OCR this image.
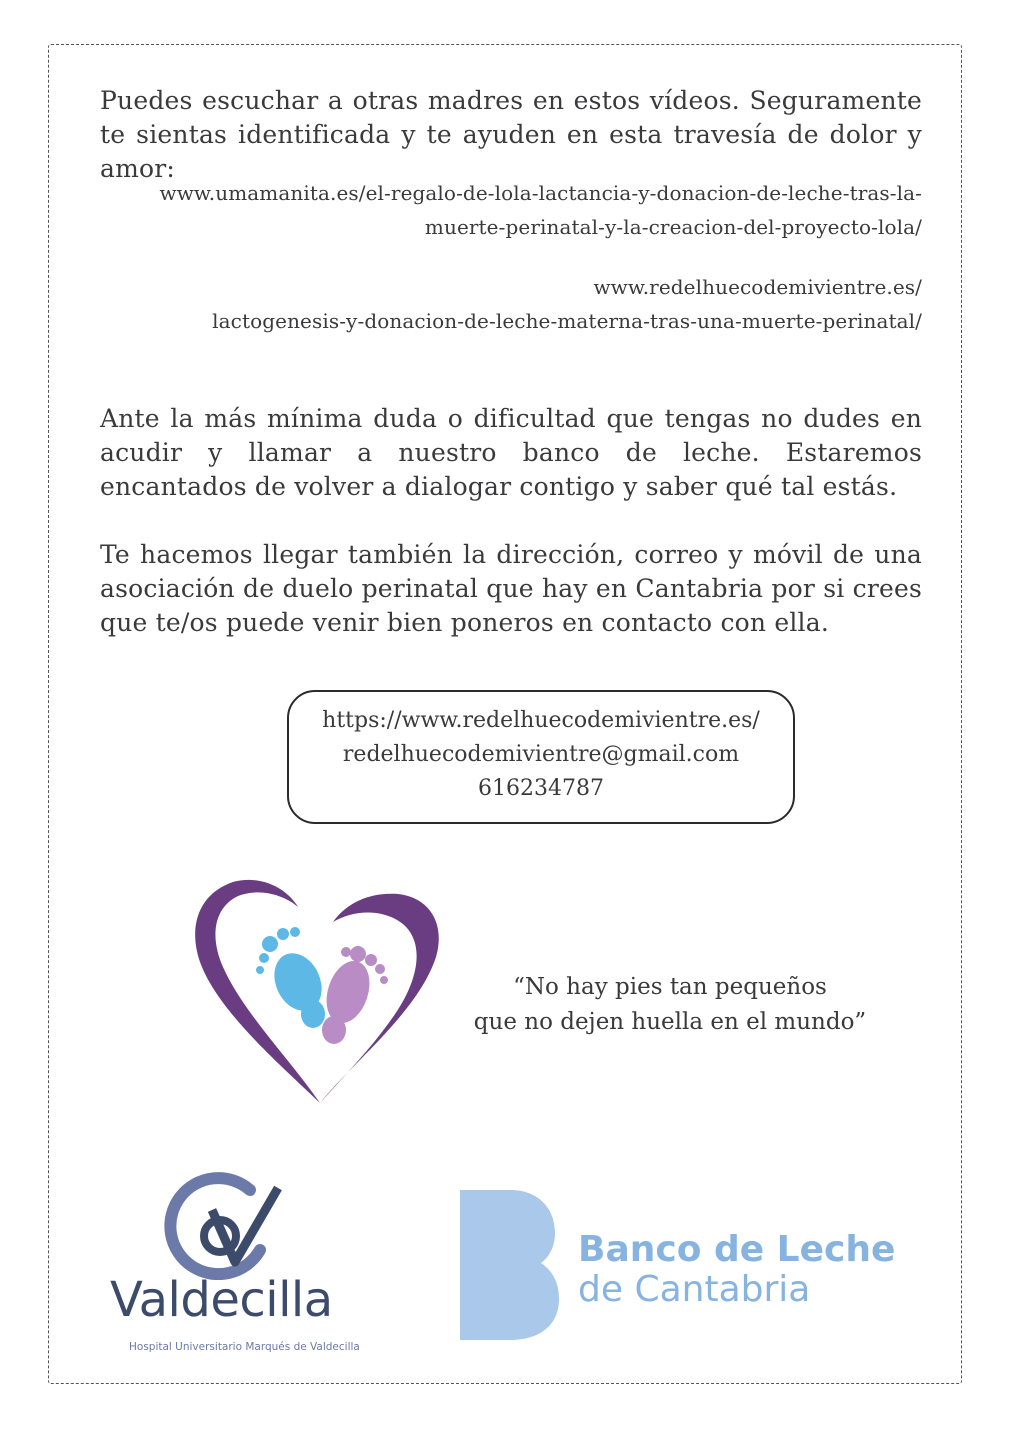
Puedes escuchar a otras madres en estos vídeos. Seguramente te sientas identificada y te ayuden en esta travesía de dolor y amor:

www.umamanita.es/el-regalo-de-lola-lactancia-y-donacion-de-leche-tras-la-
muerte-perinatal-y-la-creacion-del-proyecto-lola/
www.redelhuecodemivientre.es/
lactogenesis-y-donacion-de-leche-materna-tras-una-muerte-perinatal/

Ante la más mínima duda o dificultad que tengas no dudes en acudir y llamar a nuestro banco de leche. Estaremos encantados de volver a dialogar contigo y saber qué tal estás.

Te hacemos llegar también la dirección, correo y móvil de una asociación de duelo perinatal que hay en Cantabria por si crees que te/os puede venir bien poneros en contacto con ella.

https://www.redelhuecodemivientre.es/
redelhuecodemivientre@gmail.com
616234787
“No hay pies tan pequeños
que no dejen huella en el mundo”
Valdecilla
Hospital Universitario Marqués de Valdecilla
Banco de Leche
de Cantabria
